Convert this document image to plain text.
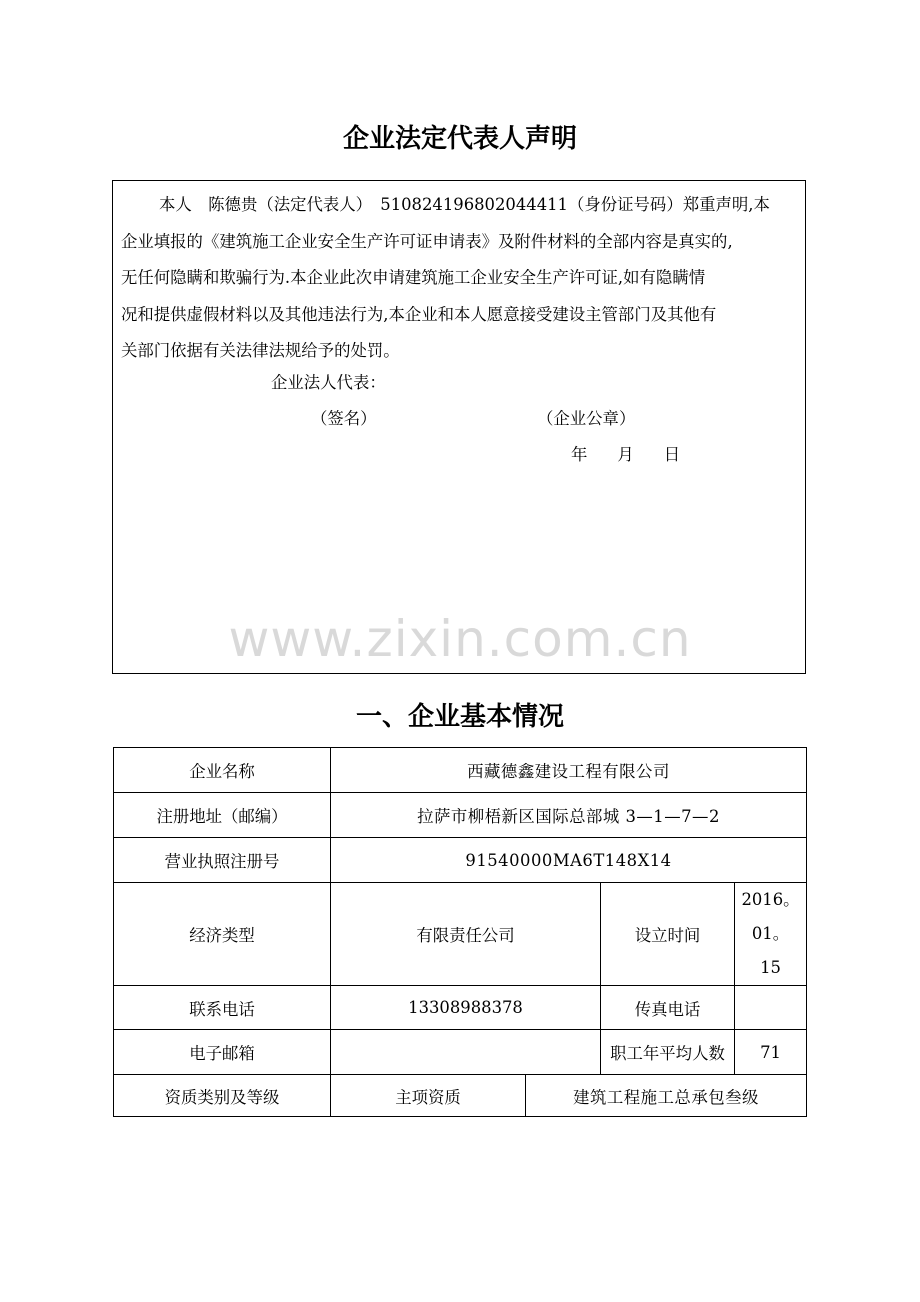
企业法定代表人声明
本人　陈德贵（法定代表人）　510824196802044411（身份证号码）郑重声明,本
企业填报的《建筑施工企业安全生产许可证申请表》及附件材料的全部内容是真实的,
无任何隐瞒和欺骗行为.本企业此次申请建筑施工企业安全生产许可证,如有隐瞒情
况和提供虚假材料以及其他违法行为,本企业和本人愿意接受建设主管部门及其他有
关部门依据有关法律法规给予的处罚。
企业法人代表：
（签名）	（企业公章）
年 月 日
www.zixin.com.cn
一、企业基本情况
企业名称	西藏德鑫建设工程有限公司			
注册地址（邮编）	拉萨市柳梧新区国际总部城 3—1—7—2			
营业执照注册号	91540000MA6T148X14			
经济类型	有限责任公司		设立时间	2016。01。
15
联系电话	13308988378		传真电话	
电子邮箱			职工年平均人数	71
资质类别及等级	主项资质	建筑工程施工总承包叁级		
